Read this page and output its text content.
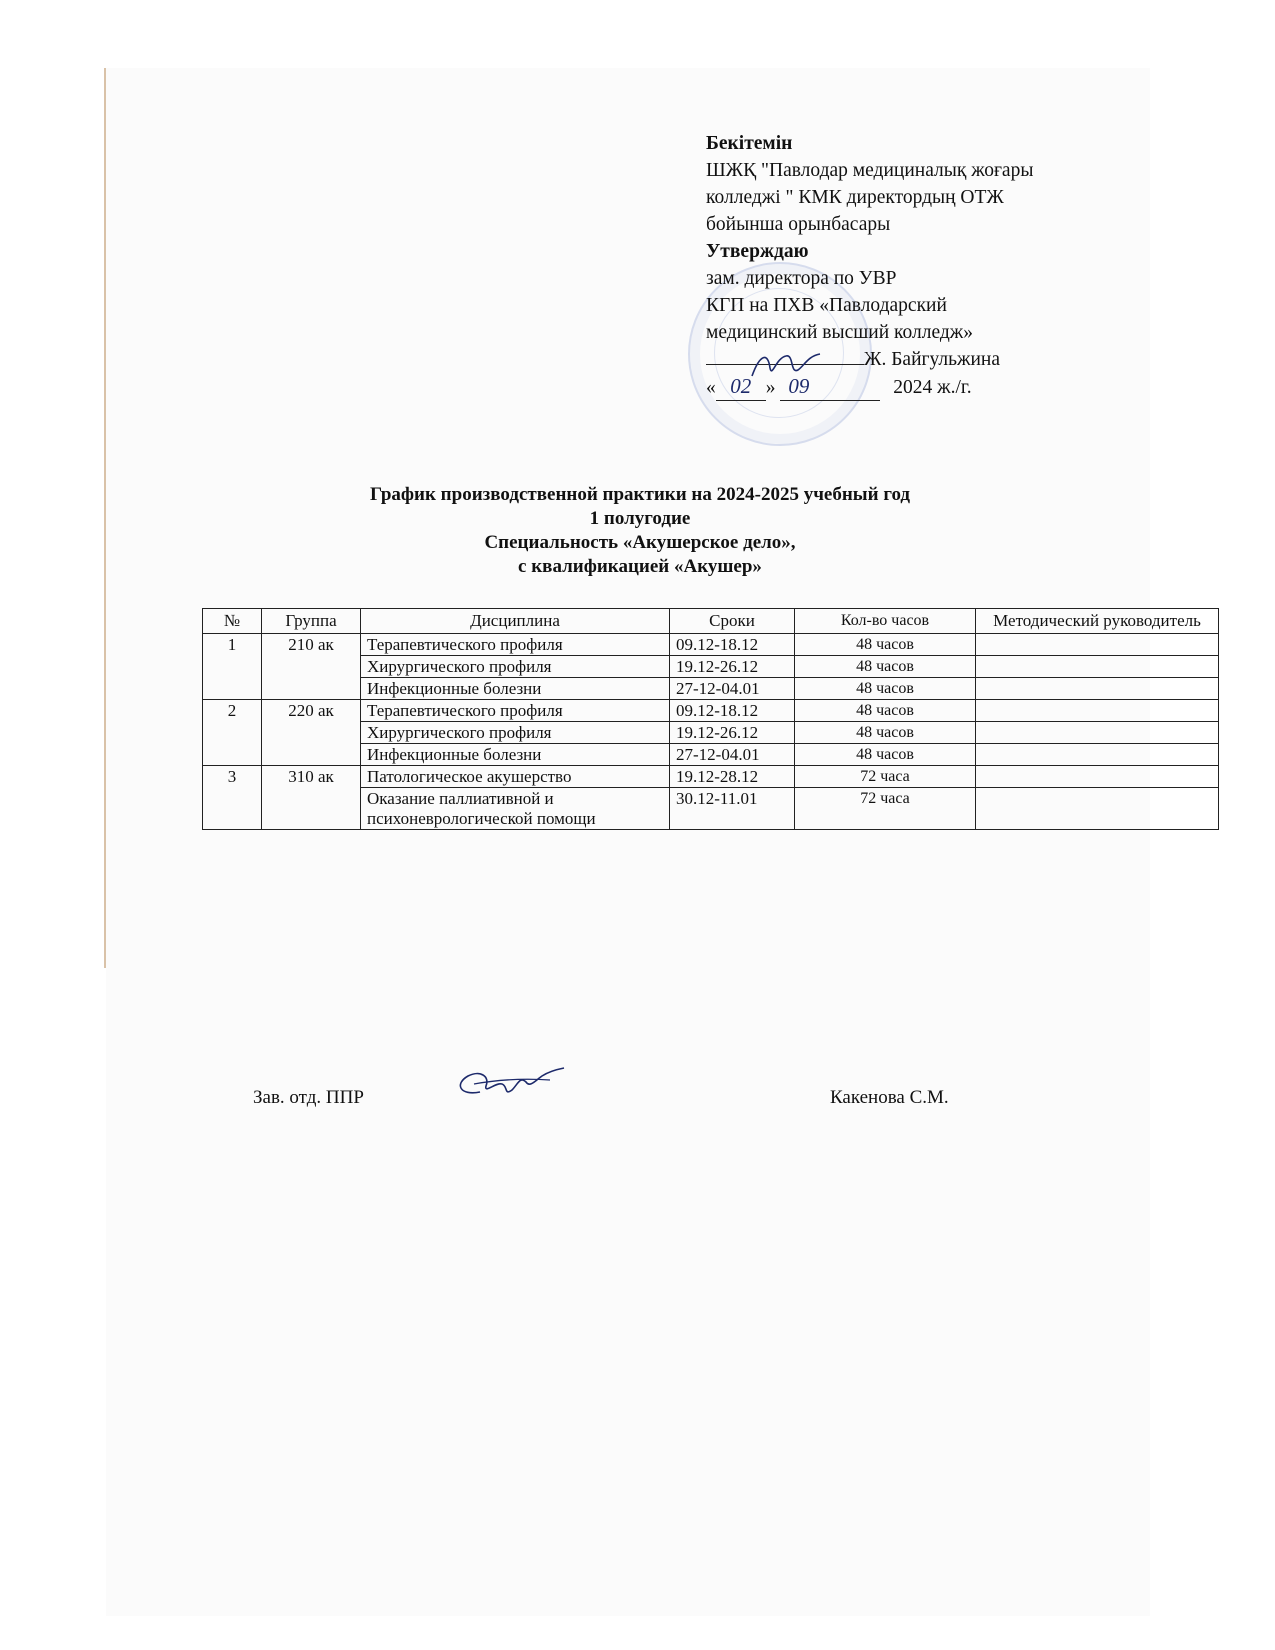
Бекітемін
ШЖҚ "Павлодар медициналық жоғары
колледжі " КМК директордың ОТЖ
бойынша орынбасары
Утверждаю
зам. директора по УВР
КГП на ПХВ «Павлодарский
медицинский высший колледж»
Ж. Байгульжина
« 02 » 09	2024 ж./г.
График производственной практики на 2024-2025 учебный год
1 полугодие
Специальность «Акушерское дело»,
с квалификацией «Акушер»
№	Группа	Дисциплина	Сроки	Кол-во часов	Методический руководитель
1	210 ак	Терапевтического профиля	09.12-18.12	48 часов	
		Хирургического профиля	19.12-26.12	48 часов	
		Инфекционные болезни	27-12-04.01	48 часов	
2	220 ак	Терапевтического профиля	09.12-18.12	48 часов	
		Хирургического профиля	19.12-26.12	48 часов	
		Инфекционные болезни	27-12-04.01	48 часов	
3	310 ак	Патологическое акушерство	19.12-28.12	72 часа	
		Оказание паллиативной и психоневрологической помощи	30.12-11.01	72 часа	
Зав. отд. ППР	Какенова С.М.
